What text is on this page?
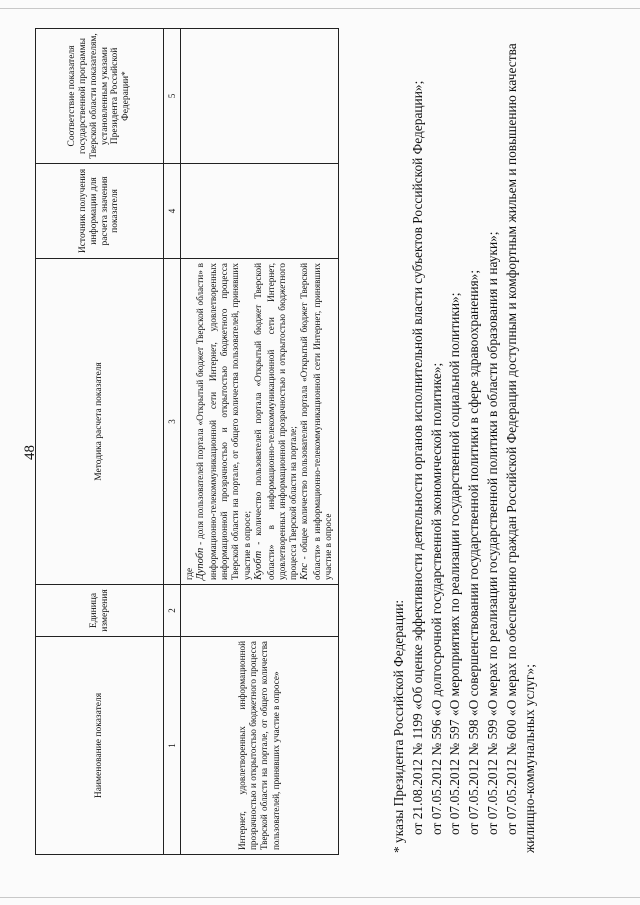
48
Наименование показателя	Единица измерения	Методика расчета показателя	Источник получения информации для расчета значения показателя	Соответствие показателя государственной программы Тверской области показателям, установленным указами Президента Российской Федерации*
1	2	3	4	5
Интернет, удовлетворенных информационной прозрачностью и открытостью бюджетного процесса Тверской области на портале, от общего количества пользователей, принявших участие в опросе»		где Дупобп - доля пользователей портала «Открытый бюджет Тверской области» в информационно-телекоммуникационной сети Интернет, удовлетворенных информационной прозрачностью и открытостью бюджетного процесса Тверской области на портале, от общего количества пользователей, принявших участие в опросе; Куобт - количество пользователей портала «Открытый бюджет Тверской области» в информационно-телекоммуникационной сети Интернет, удовлетворенных информационной прозрачностью и открытостью бюджетного процесса Тверской области на портале; Кпс - общее количество пользователей портала «Открытый бюджет Тверской области» в информационно-телекоммуникационной сети Интернет, принявших участие в опросе		

* указы Президента Российской Федерации: от 21.08.2012 № 1199 «Об оценке эффективности деятельности органов исполнительной власти субъектов Российской Федерации»; от 07.05.2012 № 596 «О долгосрочной государственной экономической политике»; от 07.05.2012 № 597 «О мероприятиях по реализации государственной социальной политики»; от 07.05.2012 № 598 «О совершенствовании государственной политики в сфере здравоохранения»; от 07.05.2012 № 599 «О мерах по реализации государственной политики в области образования и науки»; от 07.05.2012 № 600 «О мерах по обеспечению граждан Российской Федерации доступным и комфортным жильем и повышению качества жилищно-коммунальных услуг»;
